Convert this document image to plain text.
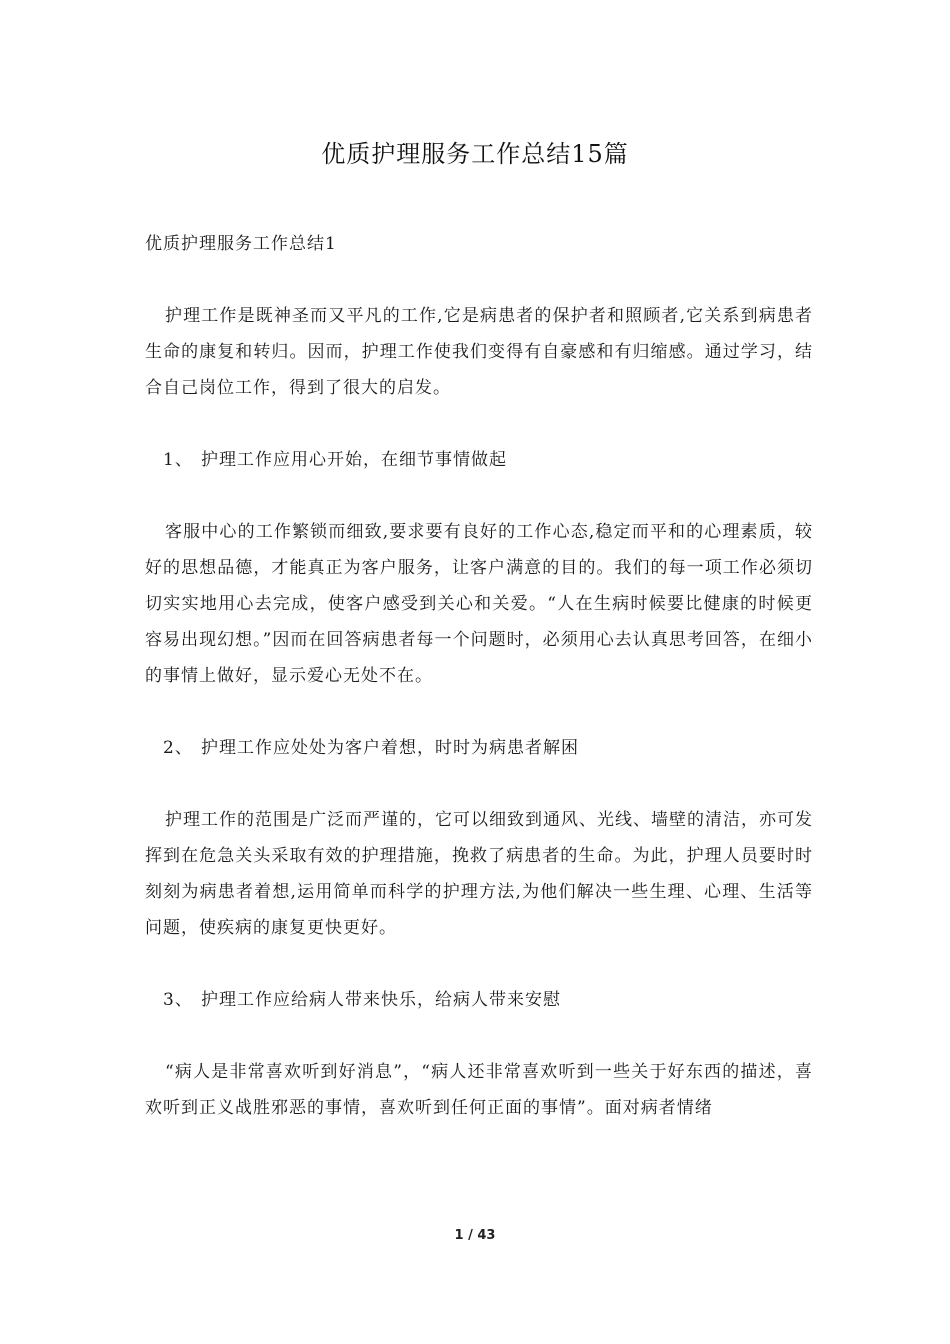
优质护理服务工作总结15篇

优质护理服务工作总结1

护理工作是既神圣而又平凡的工作,它是病患者的保护者和照顾者,它关系到病患者生命的康复和转归。因而，护理工作使我们变得有自豪感和有归缩感。通过学习，结合自己岗位工作，得到了很大的启发。

1、 护理工作应用心开始，在细节事情做起

客服中心的工作繁锁而细致,要求要有良好的工作心态,稳定而平和的心理素质，较好的思想品德，才能真正为客户服务，让客户满意的目的。我们的每一项工作必须切切实实地用心去完成，使客户感受到关心和关爱。“人在生病时候要比健康的时候更容易出现幻想。”因而在回答病患者每一个问题时，必须用心去认真思考回答，在细小的事情上做好，显示爱心无处不在。

2、 护理工作应处处为客户着想，时时为病患者解困

护理工作的范围是广泛而严谨的，它可以细致到通风、光线、墙壁的清洁，亦可发挥到在危急关头采取有效的护理措施，挽救了病患者的生命。为此，护理人员要时时刻刻为病患者着想,运用简单而科学的护理方法,为他们解决一些生理、心理、生活等问题，使疾病的康复更快更好。

3、 护理工作应给病人带来快乐，给病人带来安慰

“病人是非常喜欢听到好消息”，“病人还非常喜欢听到一些关于好东西的描述，喜欢听到正义战胜邪恶的事情，喜欢听到任何正面的事情”。面对病者情绪

1 / 43
